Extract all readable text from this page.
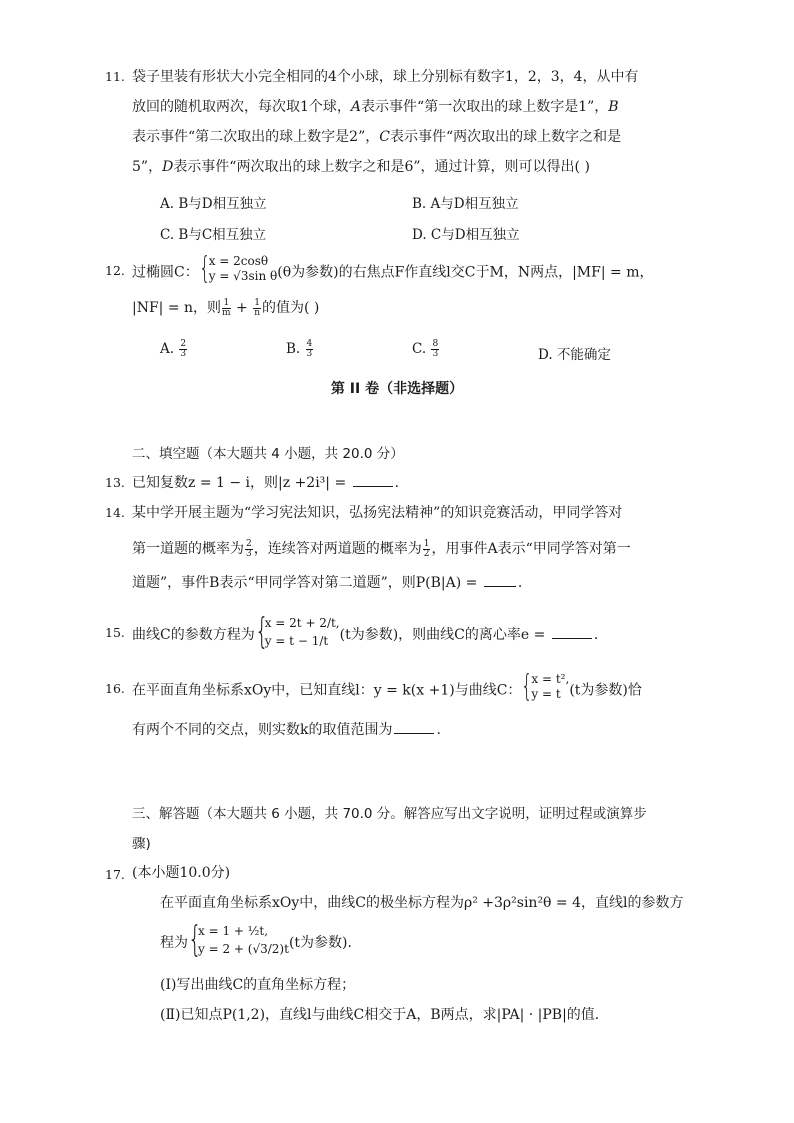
11. 袋子里装有形状大小完全相同的4个小球，球上分别标有数字1，2，3，4，从中有
放回的随机取两次，每次取1个球，A表示事件“第一次取出的球上数字是1”，B
表示事件“第二次取出的球上数字是2”，C表示事件“两次取出的球上数字之和是
5”，D表示事件“两次取出的球上数字之和是6”，通过计算，则可以得出( )
A. B与D相互独立	B. A与D相互独立
C. B与C相互独立	D. C与D相互独立
12. 过椭圆C： {
x = 2cosθ
y = √3sin θ (θ为参数)的右焦点F作直线l交C于M，N两点，|MF| = m，
|NF| = n，则 $\frac{1}{m} + \frac{1}{n}$ 的值为( )
A. $\frac{2}{3}$	B. $\frac{4}{3}$	C. $\frac{8}{3}$	D. 不能确定
第 II 卷（非选择题）
二、填空题（本大题共 4 小题，共 20.0 分）
13. 已知复数z = 1 − i，则|z +2i³| =	.
14. 某中学开展主题为“学习宪法知识，弘扬宪法精神”的知识竞赛活动，甲同学答对
第一道题的概率为 $\frac{2}{3}$ ，连续答对两道题的概率为 $\frac{1}{2}$ ，用事件A表示“甲同学答对第一
道题”，事件B表示“甲同学答对第二道题”，则P(B|A) =	.
15. 曲线C的参数方程为 {
x = 2t + 2/t,
y = t − 1/t (t为参数)，则曲线C的离心率e =	.
16. 在平面直角坐标系xOy中，已知直线l：y = k(x +1)与曲线C： {
x = t²,
y = t (t为参数)恰
有两个不同的交点，则实数k的取值范围为	.
三、解答题（本大题共 6 小题，共 70.0 分。解答应写出文字说明，证明过程或演算步
骤)
17. (本小题10.0分)
在平面直角坐标系xOy中，曲线C的极坐标方程为ρ² +3ρ²sin²θ = 4，直线l的参数方
程为 {
x = 1 + ½t,
y = 2 + (√3/2)t (t为参数)．
(Ⅰ)写出曲线C的直角坐标方程；
(Ⅱ)已知点P(1,2)，直线l与曲线C相交于A，B两点，求|PA| · |PB|的值．
